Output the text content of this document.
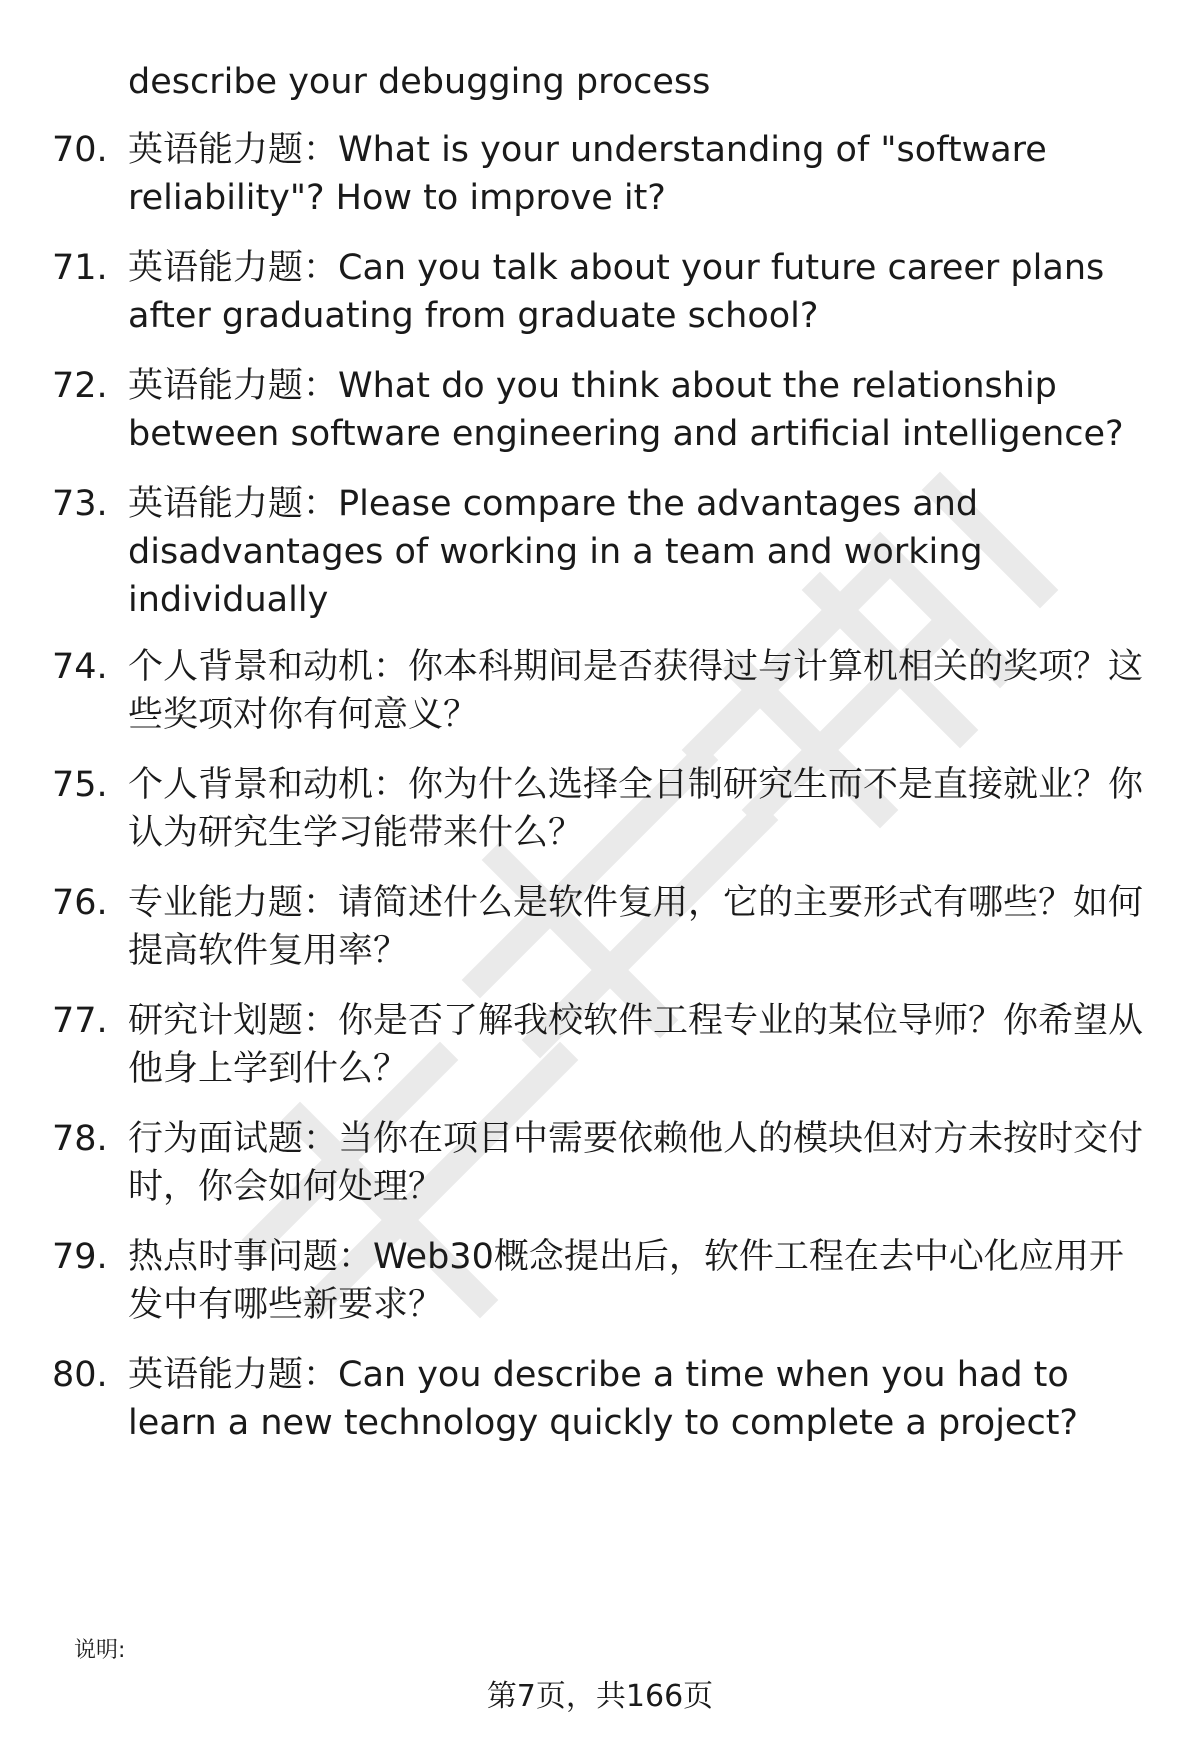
describe your debugging process

70. 英语能力题：What is your understanding of "software reliability"? How to improve it?
71. 英语能力题：Can you talk about your future career plans after graduating from graduate school?
72. 英语能力题：What do you think about the relationship between software engineering and artificial intelligence?
73. 英语能力题：Please compare the advantages and disadvantages of working in a team and working individually
74. 个人背景和动机：你本科期间是否获得过与计算机相关的奖项？这些奖项对你有何意义？
75. 个人背景和动机：你为什么选择全日制研究生而不是直接就业？你认为研究生学习能带来什么？
76. 专业能力题：请简述什么是软件复用，它的主要形式有哪些？如何提高软件复用率？
77. 研究计划题：你是否了解我校软件工程专业的某位导师？你希望从他身上学到什么？
78. 行为面试题：当你在项目中需要依赖他人的模块但对方未按时交付时，你会如何处理？
79. 热点时事问题：Web30概念提出后，软件工程在去中心化应用开发中有哪些新要求？
80. 英语能力题：Can you describe a time when you had to learn a new technology quickly to complete a project?
说明:
第7页，共166页
